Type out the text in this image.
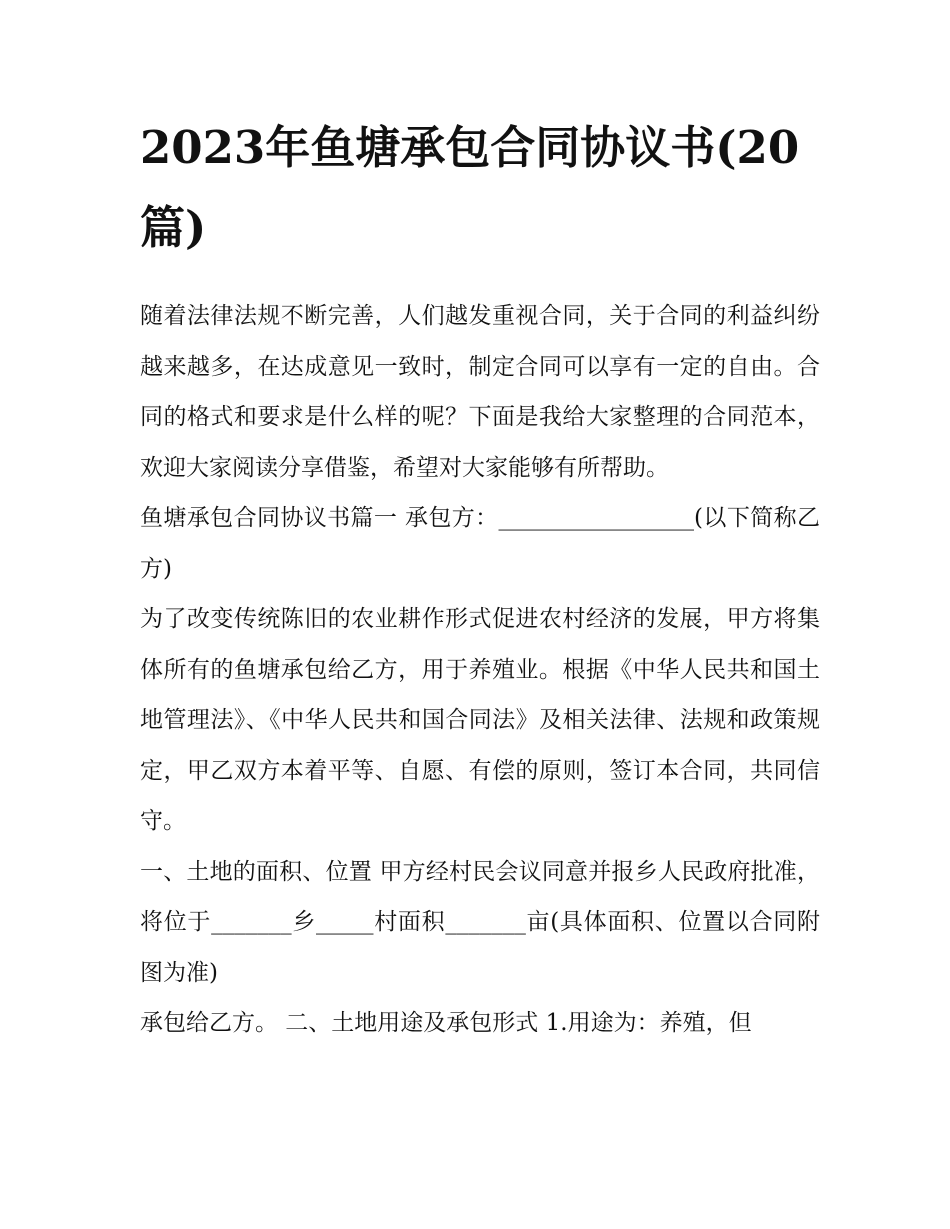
2023年鱼塘承包合同协议书(20篇)

随着法律法规不断完善，人们越发重视合同，关于合同的利益纠纷越来越多，在达成意见一致时，制定合同可以享有一定的自由。合同的格式和要求是什么样的呢？下面是我给大家整理的合同范本，欢迎大家阅读分享借鉴，希望对大家能够有所帮助。

鱼塘承包合同协议书篇一 承包方：_________________(以下简称乙方)

为了改变传统陈旧的农业耕作形式促进农村经济的发展，甲方将集体所有的鱼塘承包给乙方，用于养殖业。根据《中华人民共和国土地管理法》、《中华人民共和国合同法》及相关法律、法规和政策规定，甲乙双方本着平等、自愿、有偿的原则，签订本合同，共同信守。

一、土地的面积、位置 甲方经村民会议同意并报乡人民政府批准，将位于_______乡_____村面积_______亩(具体面积、位置以合同附图为准)

承包给乙方。 二、土地用途及承包形式 1.用途为：养殖，但
